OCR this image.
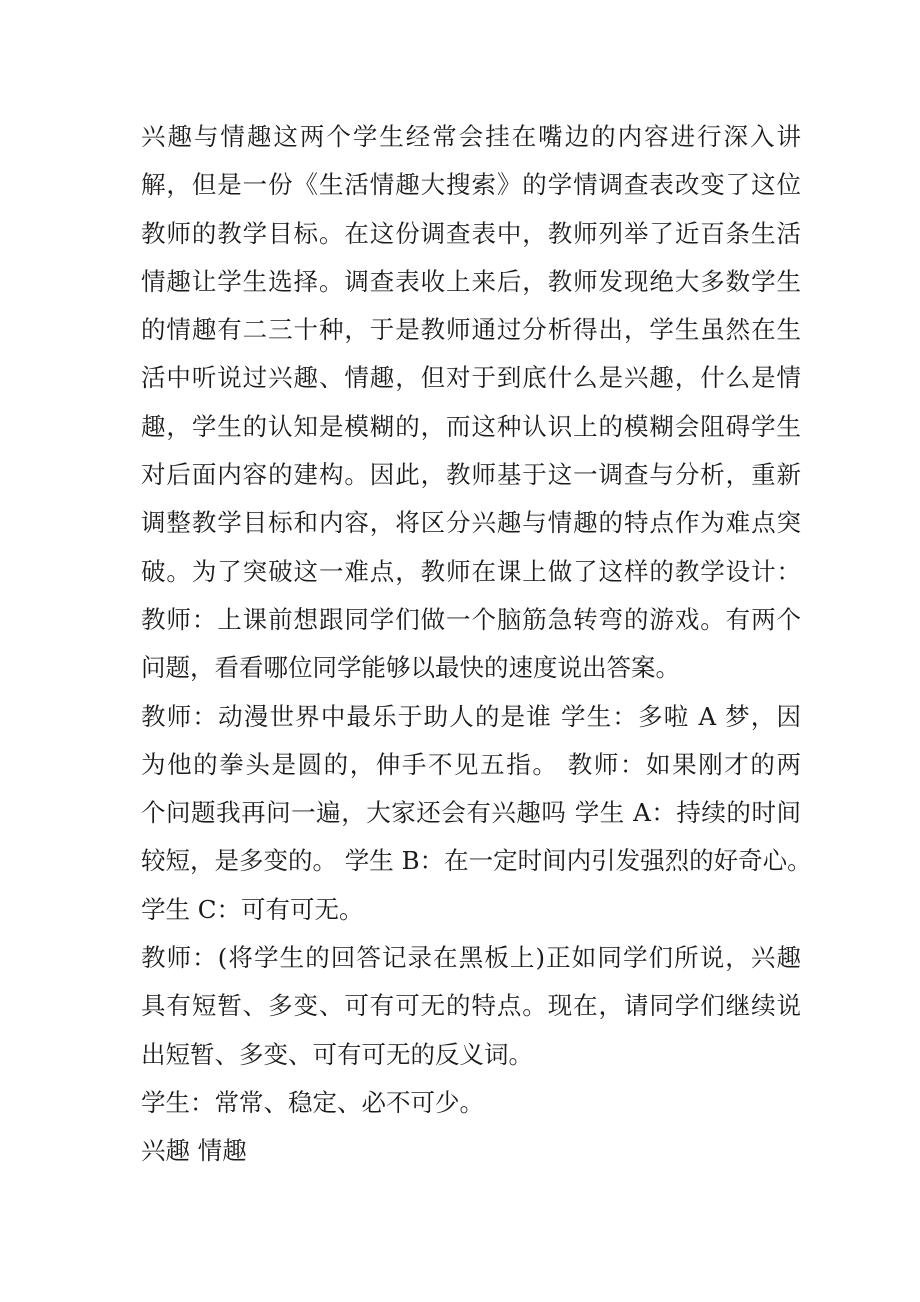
兴趣与情趣这两个学生经常会挂在嘴边的内容进行深入讲
解，但是一份《生活情趣大搜索》的学情调查表改变了这位
教师的教学目标。在这份调查表中，教师列举了近百条生活
情趣让学生选择。调查表收上来后，教师发现绝大多数学生
的情趣有二三十种，于是教师通过分析得出，学生虽然在生
活中听说过兴趣、情趣，但对于到底什么是兴趣，什么是情
趣，学生的认知是模糊的，而这种认识上的模糊会阻碍学生
对后面内容的建构。因此，教师基于这一调查与分析，重新
调整教学目标和内容，将区分兴趣与情趣的特点作为难点突
破。为了突破这一难点，教师在课上做了这样的教学设计：
教师：上课前想跟同学们做一个脑筋急转弯的游戏。有两个
问题，看看哪位同学能够以最快的速度说出答案。
教师：动漫世界中最乐于助人的是谁 学生：多啦 A 梦，因
为他的拳头是圆的，伸手不见五指。 教师：如果刚才的两
个问题我再问一遍，大家还会有兴趣吗 学生 A：持续的时间
较短，是多变的。 学生 B：在一定时间内引发强烈的好奇心。
学生 C：可有可无。
教师：(将学生的回答记录在黑板上)正如同学们所说，兴趣
具有短暂、多变、可有可无的特点。现在，请同学们继续说
出短暂、多变、可有可无的反义词。
学生：常常、稳定、必不可少。
兴趣 情趣
